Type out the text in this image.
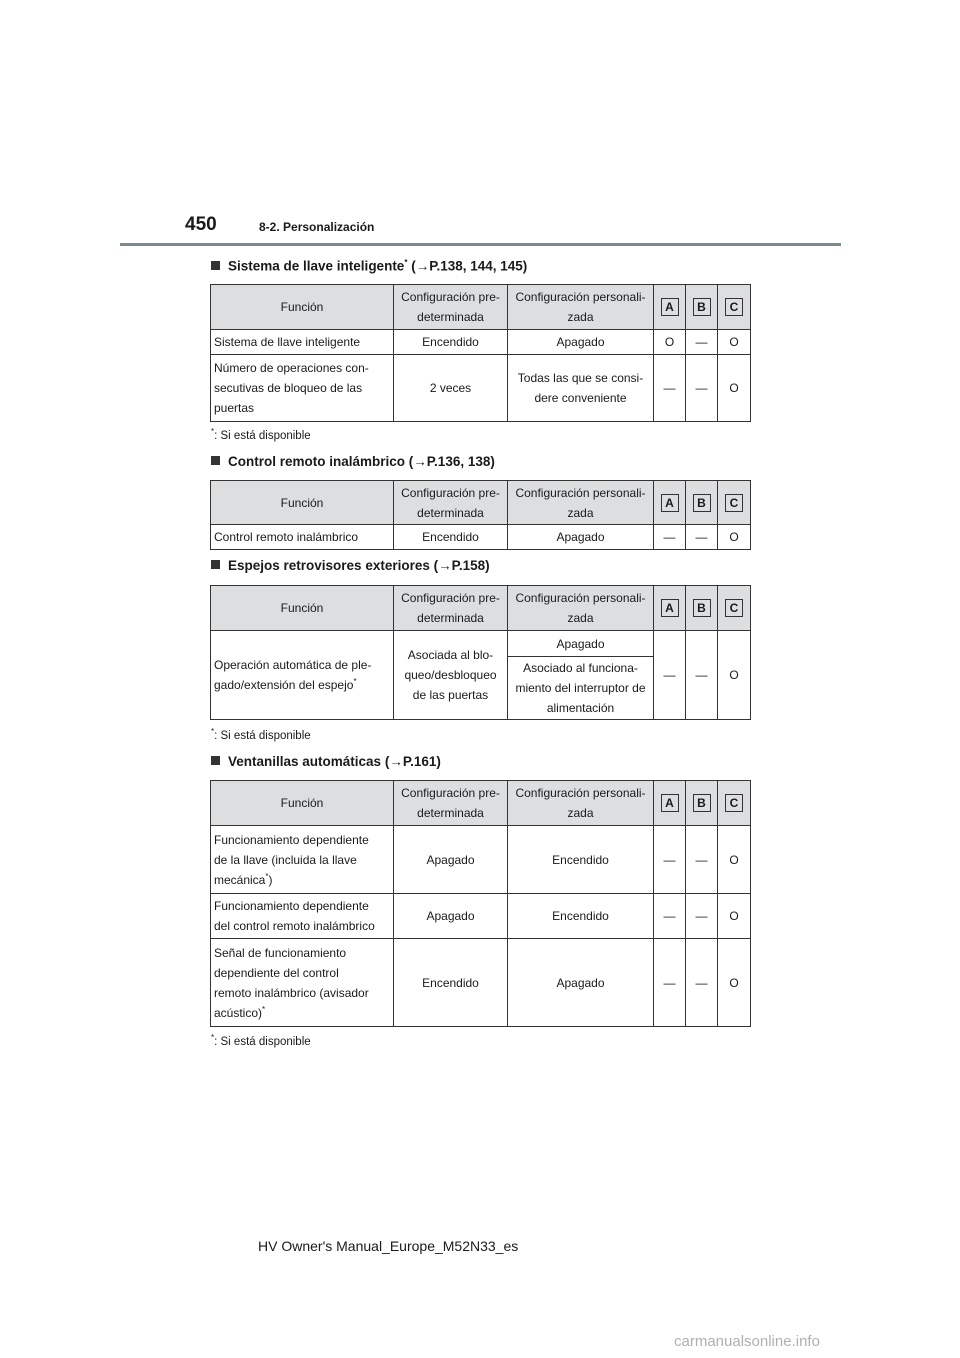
450	8-2. Personalización
Sistema de llave inteligente* (→P.138, 144, 145)
Función	Configuración pre-
determinada	Configuración personali-
zada	A	B	C
Sistema de llave inteligente	Encendido	Apagado	O	—	O
Número de operaciones con-
secutivas de bloqueo de las
puertas	2 veces	Todas las que se consi-
dere conveniente	—	—	O
*: Si está disponible
Control remoto inalámbrico (→P.136, 138)
Función	Configuración pre-
determinada	Configuración personali-
zada	A	B	C
Control remoto inalámbrico	Encendido	Apagado	—	—	O
Espejos retrovisores exteriores (→P.158)
Función	Configuración pre-
determinada	Configuración personali-
zada	A	B	C
Operación automática de ple-
gado/extensión del espejo*	Asociada al blo-
queo/desbloqueo
de las puertas	Apagado	—	—	O
		Asociado al funciona-
miento del interruptor de
alimentación			
*: Si está disponible
Ventanillas automáticas (→P.161)
Función	Configuración pre-
determinada	Configuración personali-
zada	A	B	C
Funcionamiento dependiente
de la llave (incluida la llave
mecánica*)	Apagado	Encendido	—	—	O
Funcionamiento dependiente
del control remoto inalámbrico	Apagado	Encendido	—	—	O
Señal de funcionamiento
dependiente del control
remoto inalámbrico (avisador
acústico)*	Encendido	Apagado	—	—	O
*: Si está disponible
HV Owner's Manual_Europe_M52N33_es
carmanualsonline.info
